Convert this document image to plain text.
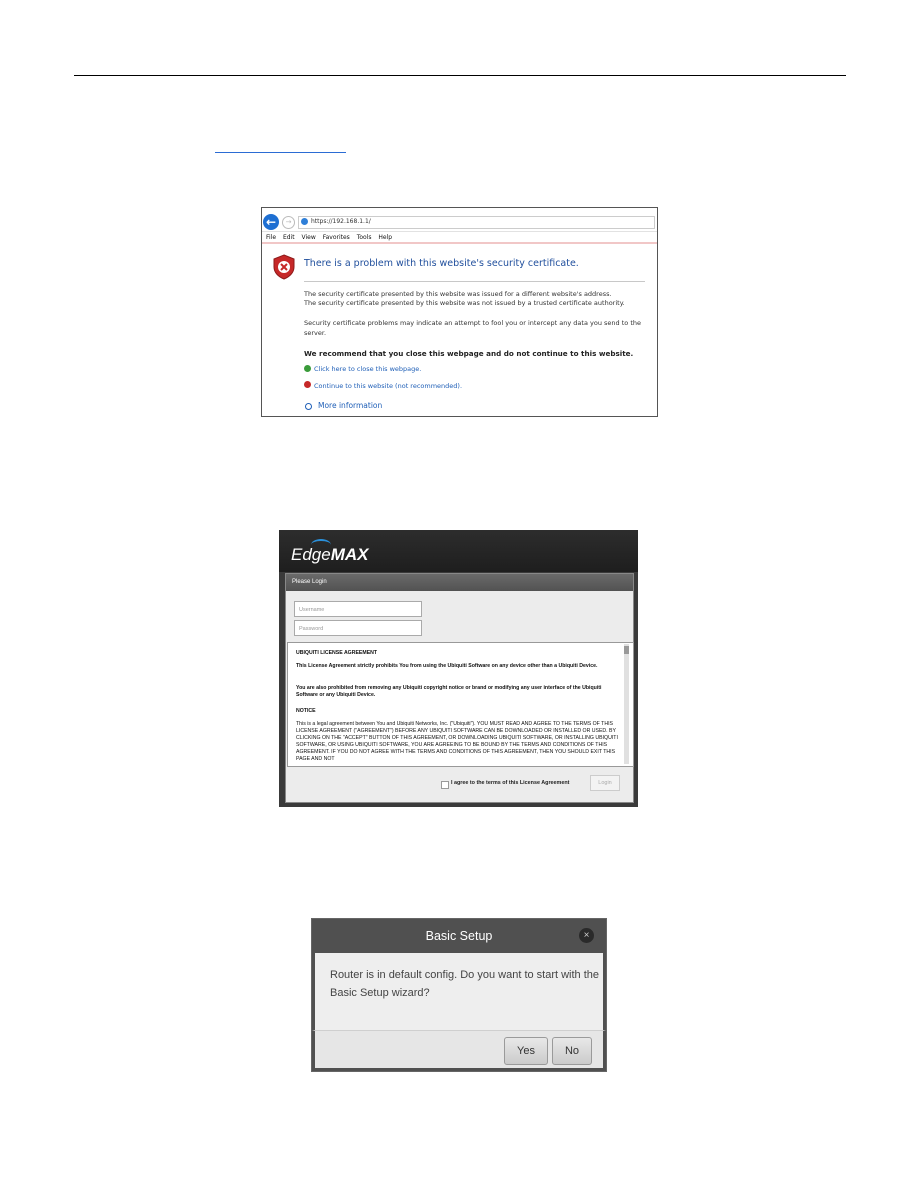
←	→	https://192.168.1.1/
File Edit View Favorites Tools Help
There is a problem with this website's security certificate.
The security certificate presented by this website was issued for a different website's address.
The security certificate presented by this website was not issued by a trusted certificate authority.
Security certificate problems may indicate an attempt to fool you or intercept any data you send to the server.
We recommend that you close this webpage and do not continue to this website.
Click here to close this webpage.
Continue to this website (not recommended).
More information
EdgeMAX
Please Login
Username
Password
UBIQUITI LICENSE AGREEMENT
This License Agreement strictly prohibits You from using the Ubiquiti Software on any device other than a Ubiquiti Device.
You are also prohibited from removing any Ubiquiti copyright notice or brand or modifying any user interface of the Ubiquiti Software or any Ubiquiti Device.
NOTICE
This is a legal agreement between You and Ubiquiti Networks, Inc. ("Ubiquiti"). YOU MUST READ AND AGREE TO THE TERMS OF THIS LICENSE AGREEMENT ("AGREEMENT") BEFORE ANY UBIQUITI SOFTWARE CAN BE DOWNLOADED OR INSTALLED OR USED. BY CLICKING ON THE "ACCEPT" BUTTON OF THIS AGREEMENT, OR DOWNLOADING UBIQUITI SOFTWARE, OR INSTALLING UBIQUITI SOFTWARE, OR USING UBIQUITI SOFTWARE, YOU ARE AGREEING TO BE BOUND BY THE TERMS AND CONDITIONS OF THIS AGREEMENT. IF YOU DO NOT AGREE WITH THE TERMS AND CONDITIONS OF THIS AGREEMENT, THEN YOU SHOULD EXIT THIS PAGE AND NOT
I agree to the terms of this License Agreement	Login
Basic Setup	×
Router is in default config. Do you want to start with the Basic Setup wizard?
Yes	No
